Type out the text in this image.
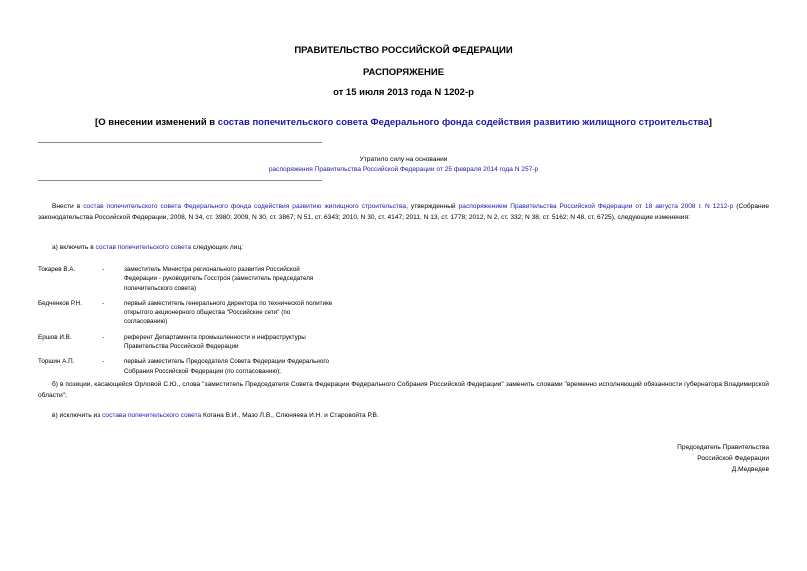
ПРАВИТЕЛЬСТВО РОССИЙСКОЙ ФЕДЕРАЦИИ
РАСПОРЯЖЕНИЕ
от 15 июля 2013 года N 1202-р
[О внесении изменений в состав попечительского совета Федерального фонда содействия развитию жилищного строительства]
Утратило силу на основании
распоряжения Правительства Российской Федерации от 25 февраля 2014 года N 257-р
Внести в состав попечительского совета Федерального фонда содействия развитию жилищного строительства, утвержденный распоряжением Правительства Российской Федерации от 18 августа 2008 г. N 1212-р (Собрание законодательства Российской Федерации, 2008, N 34, ст. 3980; 2009, N 30, ст. 3867; N 51, ст. 6343; 2010, N 30, ст. 4147; 2011, N 13, ст. 1778; 2012, N 2, ст. 332; N 38, ст. 5162; N 48, ст. 6725), следующие изменения:
а) включить в состав попечительского совета следующих лиц:
Токарев В.А.	-	заместитель Министра регионального развития Российской Федерации - руководитель Госстроя (заместитель председателя попечительского совета)
Бедченков Р.Н.	-	первый заместитель генерального директора по технической политике открытого акционерного общества "Российские сети" (по согласованию)
Ершов И.В.	-	референт Департамента промышленности и инфраструктуры Правительства Российской Федерации
Торшин А.П.	-	первый заместитель Председателя Совета Федерации Федерального Собрания Российской Федерации (по согласованию);
б) в позиции, касающейся Орловой С.Ю., слова "заместитель Председателя Совета Федерации Федерального Собрания Российской Федерации" заменить словами "временно исполняющий обязанности губернатора Владимирской области";
в) исключить из состава попечительского совета Когана В.И., Мазо Л.В., Слюняева И.Н. и Старовойта Р.В.
Председатель Правительства
Российской Федерации
Д.Медведев
